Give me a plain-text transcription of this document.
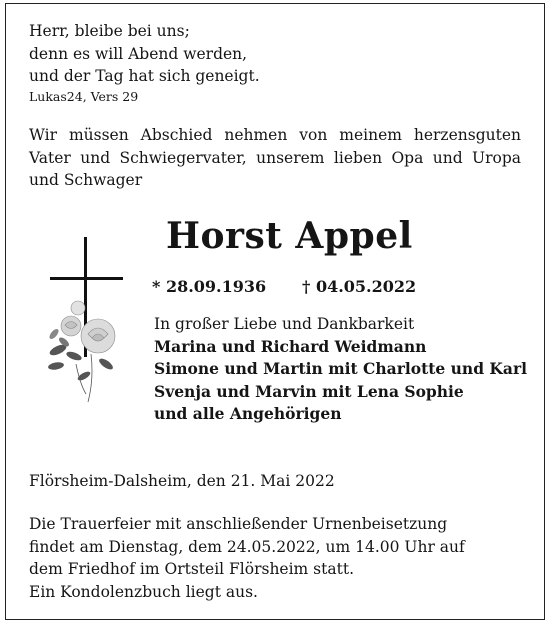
Herr, bleibe bei uns;
denn es will Abend werden,
und der Tag hat sich geneigt.
Lukas24, Vers 29
Wir müssen Abschied nehmen von meinem herzensguten
Vater und Schwiegervater, unserem lieben Opa und Uropa
und Schwager
Horst Appel
* 28.09.1936 † 04.05.2022
In großer Liebe und Dankbarkeit
Marina und Richard Weidmann
Simone und Martin mit Charlotte und Karl
Svenja und Marvin mit Lena Sophie
und alle Angehörigen
Flörsheim-Dalsheim, den 21. Mai 2022
Die Trauerfeier mit anschließender Urnenbeisetzung
findet am Dienstag, dem 24.05.2022, um 14.00 Uhr auf
dem Friedhof im Ortsteil Flörsheim statt.
Ein Kondolenzbuch liegt aus.
